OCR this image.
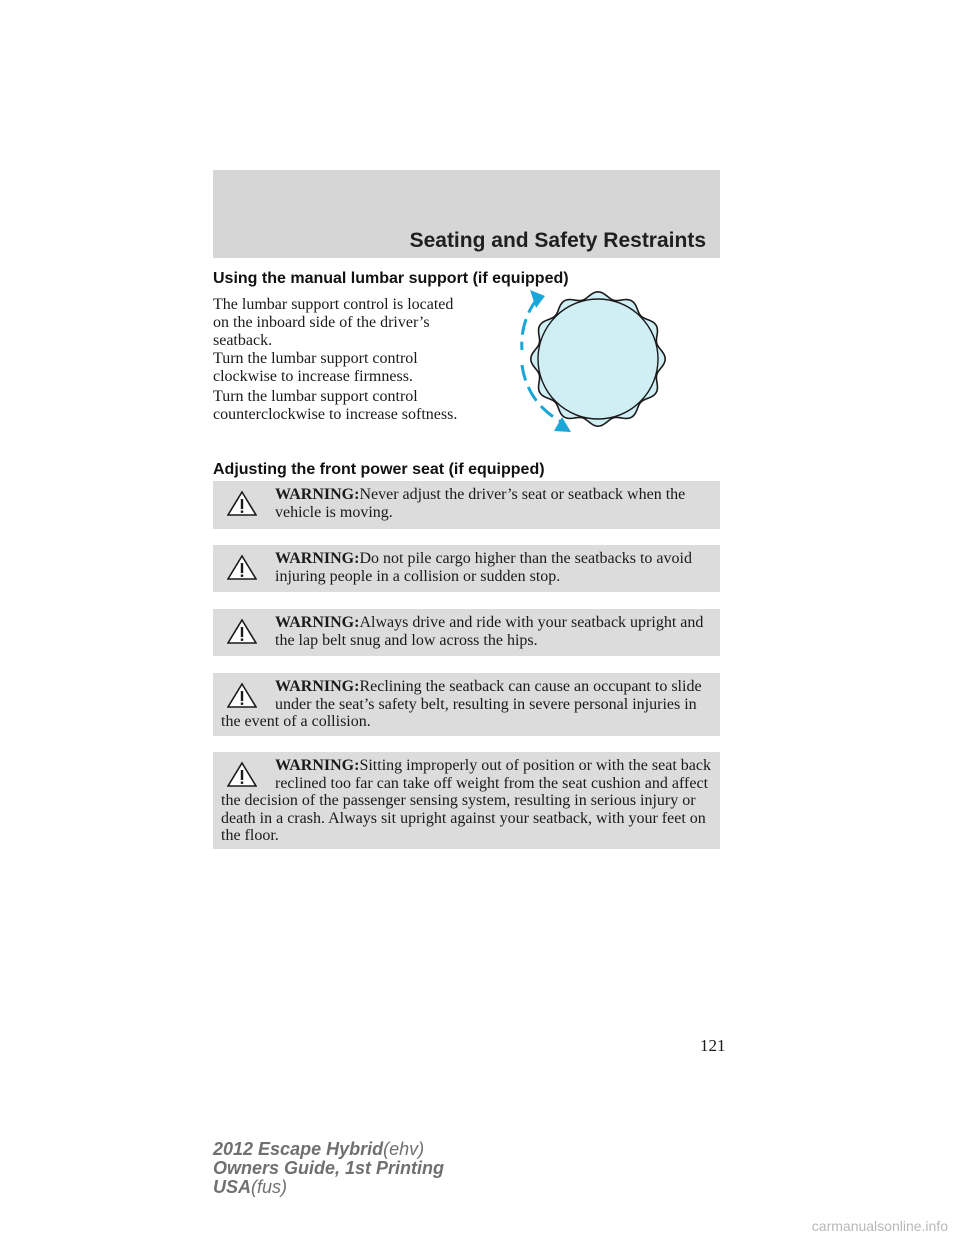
Seating and Safety Restraints
Using the manual lumbar support (if equipped)
The lumbar support control is located on the inboard side of the driver’s seatback.
Turn the lumbar support control clockwise to increase firmness.
Turn the lumbar support control counterclockwise to increase softness.
Adjusting the front power seat (if equipped)
WARNING:Never adjust the driver’s seat or seatback when the vehicle is moving.
WARNING:Do not pile cargo higher than the seatbacks to avoid injuring people in a collision or sudden stop.
WARNING:Always drive and ride with your seatback upright and the lap belt snug and low across the hips.
WARNING:Reclining the seatback can cause an occupant to slide under the seat’s safety belt, resulting in severe personal injuries in the event of a collision.
WARNING:Sitting improperly out of position or with the seat back reclined too far can take off weight from the seat cushion and affect the decision of the passenger sensing system, resulting in serious injury or death in a crash. Always sit upright against your seatback, with your feet on the floor.
121
2012 Escape Hybrid(ehv)
Owners Guide, 1st Printing
USA(fus)
carmanualsonline.info
